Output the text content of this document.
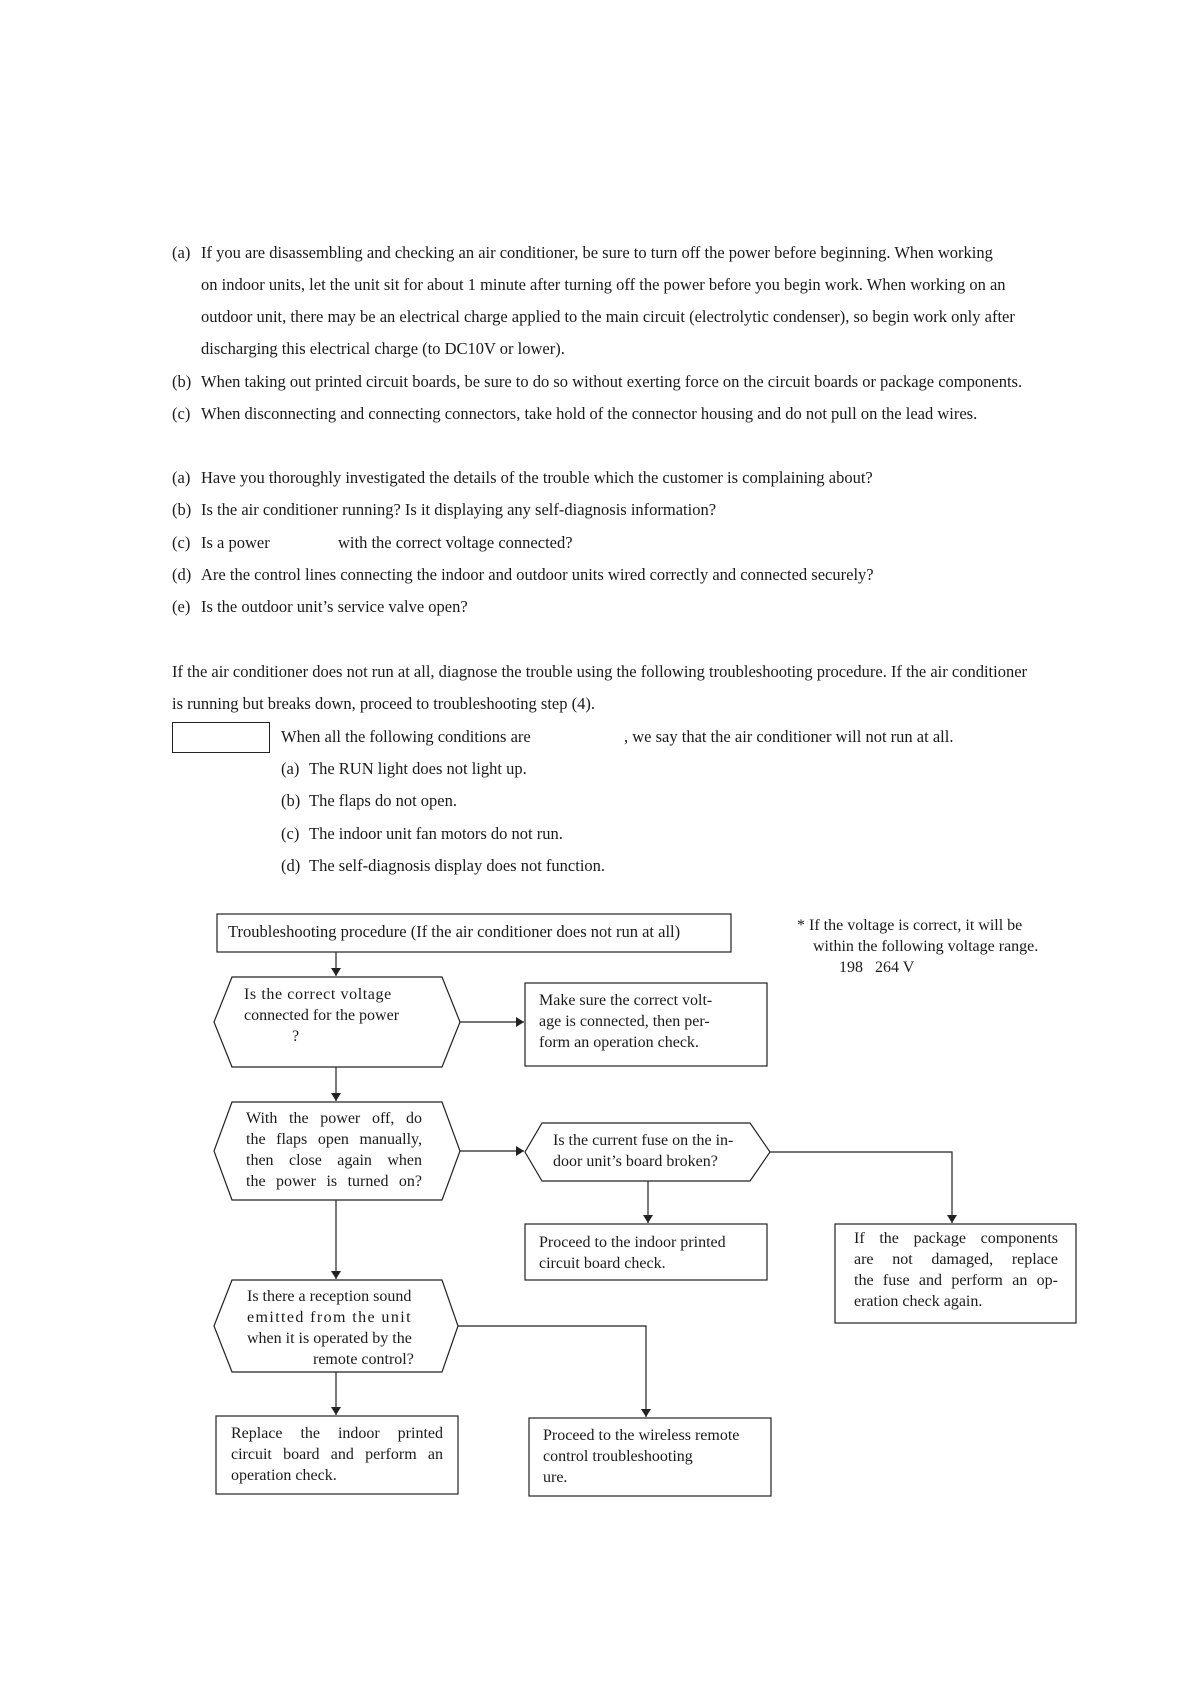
(a) If you are disassembling and checking an air conditioner, be sure to turn off the power before beginning. When working
on indoor units, let the unit sit for about 1 minute after turning off the power before you begin work. When working on an
outdoor unit, there may be an electrical charge applied to the main circuit (electrolytic condenser), so begin work only after
discharging this electrical charge (to DC10V or lower).
(b) When taking out printed circuit boards, be sure to do so without exerting force on the circuit boards or package components.
(c) When disconnecting and connecting connectors, take hold of the connector housing and do not pull on the lead wires.
(a) Have you thoroughly investigated the details of the trouble which the customer is complaining about?
(b) Is the air conditioner running? Is it displaying any self-diagnosis information?
(c) Is a power	with the correct voltage connected?
(d) Are the control lines connecting the indoor and outdoor units wired correctly and connected securely?
(e) Is the outdoor unit’s service valve open?
If the air conditioner does not run at all, diagnose the trouble using the following troubleshooting procedure. If the air conditioner
is running but breaks down, proceed to troubleshooting step (4).
When all the following conditions are	, we say that the air conditioner will not run at all.
(a) The RUN light does not light up.
(b) The flaps do not open.
(c) The indoor unit fan motors do not run.
(d) The self-diagnosis display does not function.
Troubleshooting procedure (If the air conditioner does not run at all)	* If the voltage is correct, it will be
within the following voltage range.
198 264 V
Is the correct voltage
connected for the power
?
Make sure the correct volt-
age is connected, then per-
form an operation check.
With the power off, do
the flaps open manually,
then close again when
the power is turned on?
Is the current fuse on the in-
door unit’s board broken?
Proceed to the indoor printed
circuit board check.
If the package components
are not damaged, replace
the fuse and perform an op-
eration check again.
Is there a reception sound
emitted from the unit
when it is operated by the
remote control?
Replace the indoor printed
circuit board and perform an
operation check.
Proceed to the wireless remote
control troubleshooting
ure.
